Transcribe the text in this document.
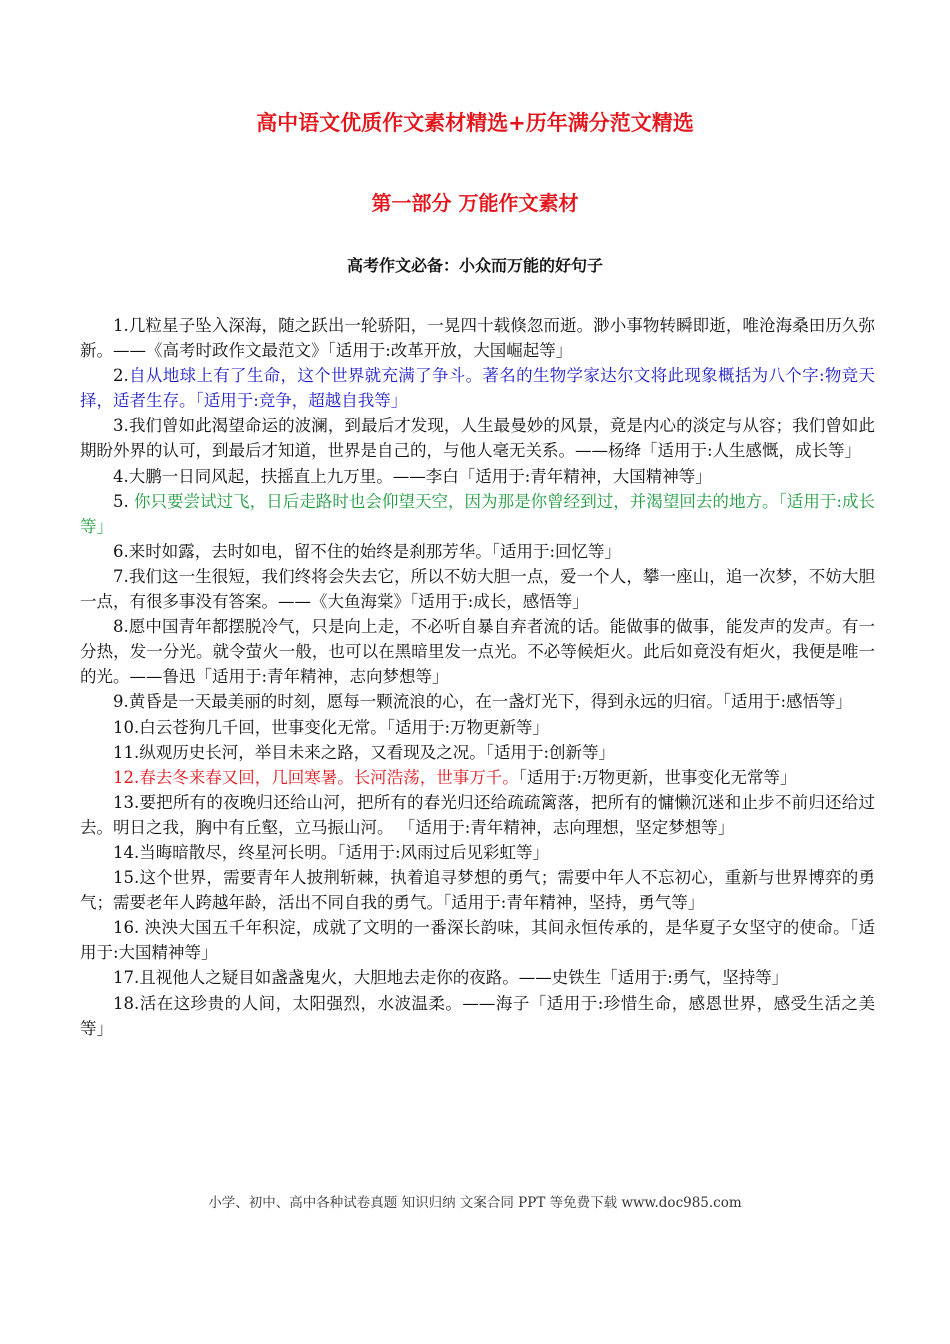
高中语文优质作文素材精选+历年满分范文精选
第一部分 万能作文素材
高考作文必备：小众而万能的好句子

1.几粒星子坠入深海，随之跃出一轮骄阳，一晃四十载倏忽而逝。渺小事物转瞬即逝，唯沧海桑田历久弥新。——《高考时政作文最范文》「适用于:改革开放，大国崛起等」

2.自从地球上有了生命，这个世界就充满了争斗。著名的生物学家达尔文将此现象概括为八个字:物竞天择，适者生存。「适用于:竞争，超越自我等」

3.我们曾如此渴望命运的波澜，到最后才发现，人生最曼妙的风景，竟是内心的淡定与从容；我们曾如此期盼外界的认可，到最后才知道，世界是自己的，与他人毫无关系。——杨绛「适用于:人生感慨，成长等」

4.大鹏一日同风起，扶摇直上九万里。——李白「适用于:青年精神，大国精神等」

5. 你只要尝试过飞，日后走路时也会仰望天空，因为那是你曾经到过，并渴望回去的地方。「适用于:成长等」

6.来时如露，去时如电，留不住的始终是刹那芳华。「适用于:回忆等」

7.我们这一生很短，我们终将会失去它，所以不妨大胆一点，爱一个人，攀一座山，追一次梦，不妨大胆一点，有很多事没有答案。——《大鱼海棠》「适用于:成长，感悟等」

8.愿中国青年都摆脱冷气，只是向上走，不必听自暴自弃者流的话。能做事的做事，能发声的发声。有一分热，发一分光。就令萤火一般，也可以在黑暗里发一点光。不必等候炬火。此后如竟没有炬火，我便是唯一的光。——鲁迅「适用于:青年精神，志向梦想等」

9.黄昏是一天最美丽的时刻，愿每一颗流浪的心，在一盏灯光下，得到永远的归宿。「适用于:感悟等」

10.白云苍狗几千回，世事变化无常。「适用于:万物更新等」

11.纵观历史长河，举目未来之路，又看现及之况。「适用于:创新等」

12.春去冬来春又回，几回寒暑。长河浩荡，世事万千。「适用于:万物更新，世事变化无常等」

13.要把所有的夜晚归还给山河，把所有的春光归还给疏疏篱落，把所有的慵懒沉迷和止步不前归还给过去。明日之我，胸中有丘壑，立马振山河。 「适用于:青年精神，志向理想，坚定梦想等」

14.当晦暗散尽，终星河长明。「适用于:风雨过后见彩虹等」

15.这个世界，需要青年人披荆斩棘，执着追寻梦想的勇气；需要中年人不忘初心，重新与世界博弈的勇气；需要老年人跨越年龄，活出不同自我的勇气。「适用于:青年精神，坚持，勇气等」

16. 泱泱大国五千年积淀，成就了文明的一番深长韵味，其间永恒传承的，是华夏子女坚守的使命。「适用于:大国精神等」

17.且视他人之疑目如盏盏鬼火，大胆地去走你的夜路。——史铁生「适用于:勇气，坚持等」

18.活在这珍贵的人间，太阳强烈，水波温柔。——海子「适用于:珍惜生命，感恩世界，感受生活之美等」

小学、初中、高中各种试卷真题 知识归纳 文案合同 PPT 等免费下载 www.doc985.com
